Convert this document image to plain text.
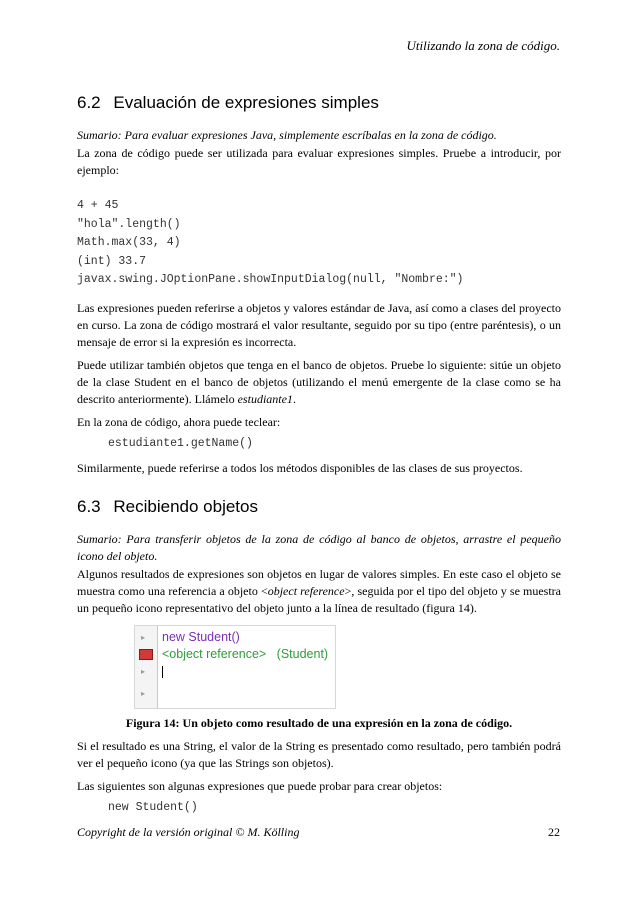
Utilizando la zona de código.
6.2 Evaluación de expresiones simples

Sumario: Para evaluar expresiones Java, simplemente escríbalas en la zona de código.

La zona de código puede ser utilizada para evaluar expresiones simples. Pruebe a introducir, por ejemplo:

4 + 45
"hola".length()
Math.max(33, 4)
(int) 33.7
javax.swing.JOptionPane.showInputDialog(null, "Nombre:")

Las expresiones pueden referirse a objetos y valores estándar de Java, así como a clases del proyecto en curso. La zona de código mostrará el valor resultante, seguido por su tipo (entre paréntesis), o un mensaje de error si la expresión es incorrecta.

Puede utilizar también objetos que tenga en el banco de objetos. Pruebe lo siguiente: sitúe un objeto de la clase Student en el banco de objetos (utilizando el menú emergente de la clase como se ha descrito anteriormente). Llámelo estudiante1.

En la zona de código, ahora puede teclear:

estudiante1.getName()

Similarmente, puede referirse a todos los métodos disponibles de las clases de sus proyectos.

6.3 Recibiendo objetos

Sumario: Para transferir objetos de la zona de código al banco de objetos, arrastre el pequeño icono del objeto.

Algunos resultados de expresiones son objetos en lugar de valores simples. En este caso el objeto se muestra como una referencia a objeto <object reference>, seguida por el tipo del objeto y se muestra un pequeño icono representativo del objeto junto a la línea de resultado (figura 14).

▸ new Student()
<object reference> (Student)
▸
▸

Figura 14: Un objeto como resultado de una expresión en la zona de código.

Si el resultado es una String, el valor de la String es presentado como resultado, pero también podrá ver el pequeño icono (ya que las Strings son objetos).

Las siguientes son algunas expresiones que puede probar para crear objetos:

new Student()
Copyright de la versión original © M. Kölling	22
